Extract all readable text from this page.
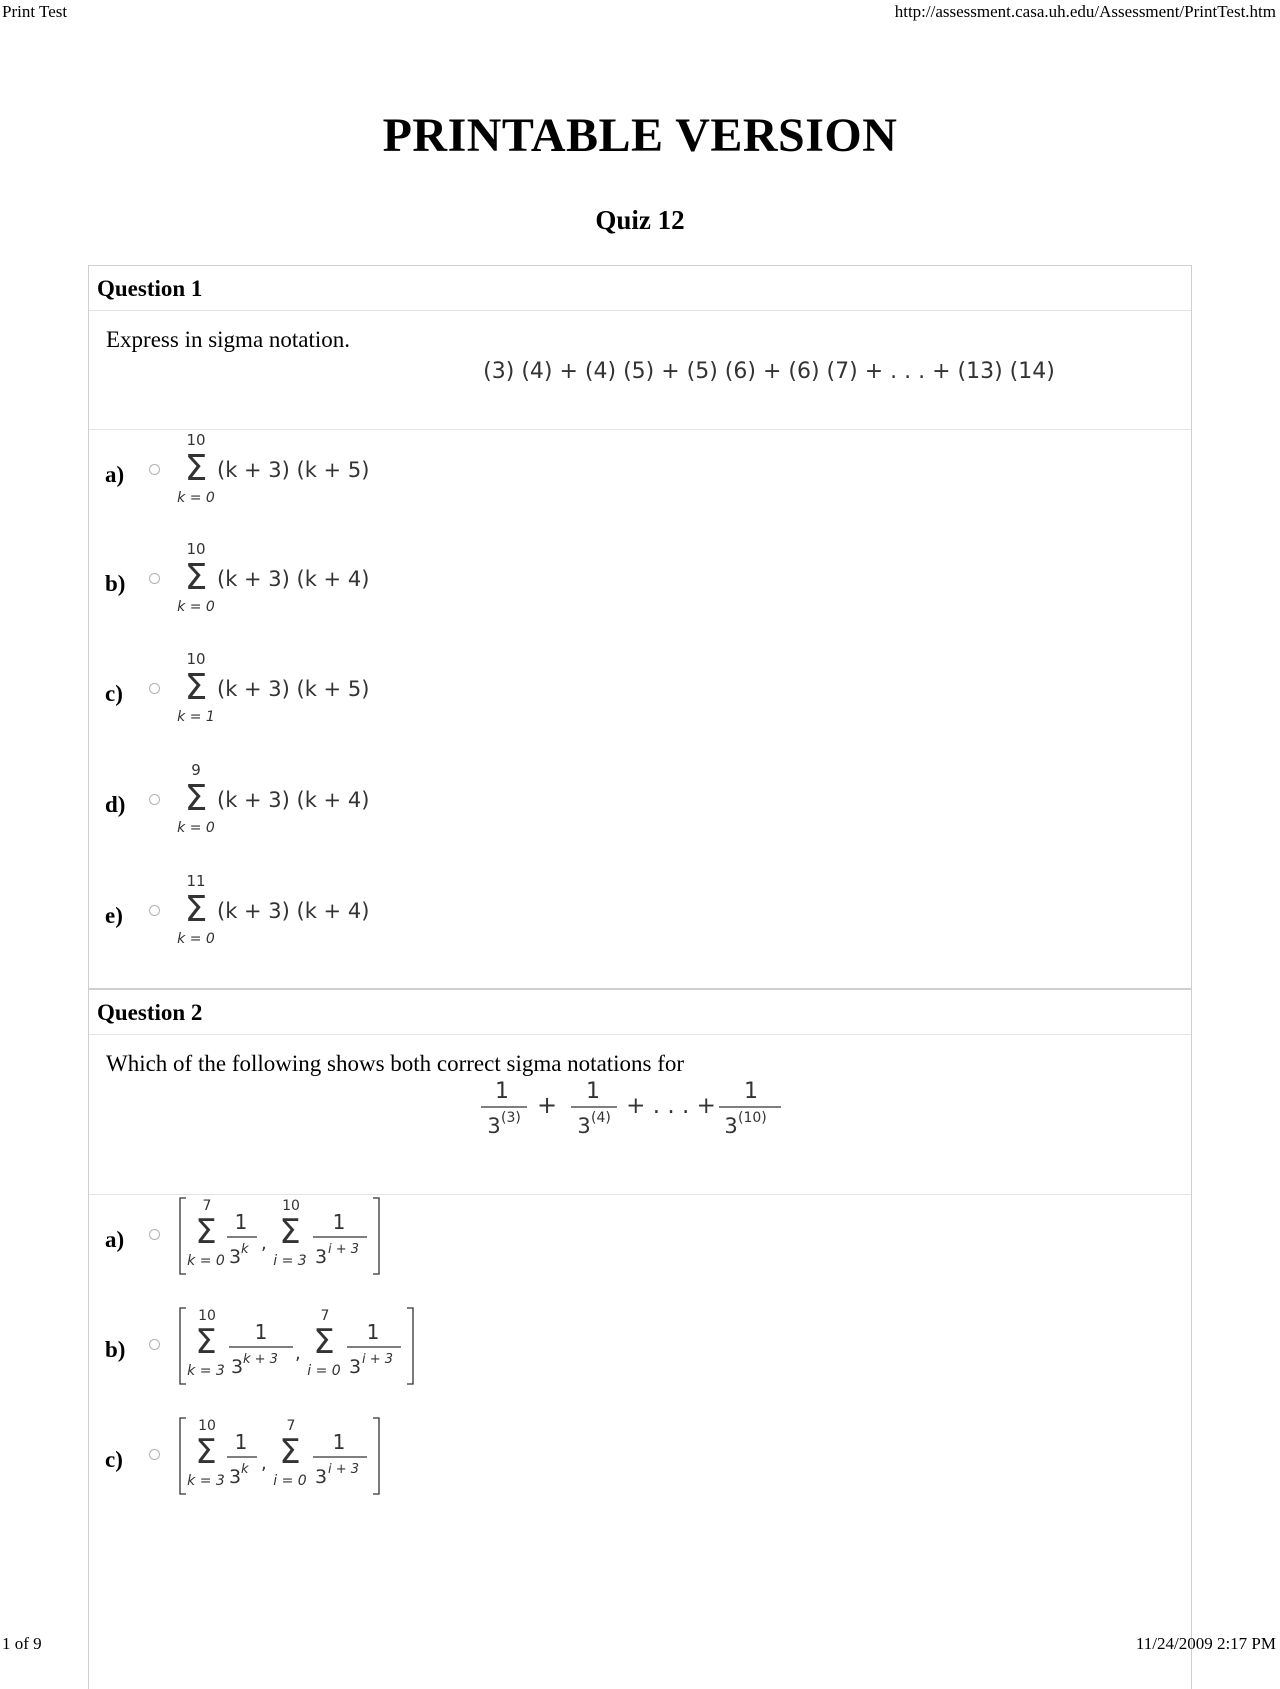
Print Test	http://assessment.casa.uh.edu/Assessment/PrintTest.htm
PRINTABLE VERSION
Quiz 12
Question 1
Express in sigma notation.
(3) (4) + (4) (5) + (5) (6) + (6) (7) + . . . + (13) (14)
a)
10
Σ
k = 0
(k + 3) (k + 5)
b)
10
Σ
k = 0
(k + 3) (k + 4)
c)
10
Σ
k = 1
(k + 3) (k + 5)
d)
9
Σ
k = 0
(k + 3) (k + 4)
e)
11
Σ
k = 0
(k + 3) (k + 4)
Question 2
Which of the following shows both correct sigma notations for
1
3 (3) + 1
3 (4) + . . . +
1
3 (10)
a)
7
Σ
k = 0
1
3 k ,
10
Σ
i = 3
1
3 i + 3
b)
10
Σ
k = 3
1
3 k + 3 ,
7
Σ
i = 0
1
3 i + 3
c)
10
Σ
k = 3
1
3 k ,
7
Σ
i = 0
1
3 i + 3
1 of 9	11/24/2009 2:17 PM
